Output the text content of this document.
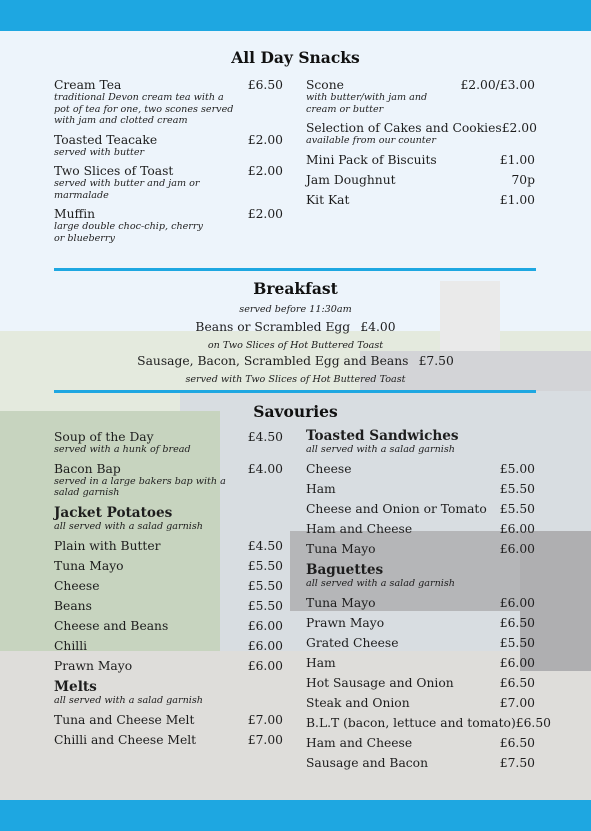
All Day Snacks
Cream Tea	£6.50
traditional Devon cream tea with a pot of tea for one, two scones served with jam and clotted cream
Toasted Teacake	£2.00
served with butter
Two Slices of Toast	£2.00
served with butter and jam or marmalade
Muffin	£2.00
large double choc-chip, cherry or blueberry
Scone	£2.00/£3.00
with butter/with jam and cream or butter
Selection of Cakes and Cookies £2.00
available from our counter
Mini Pack of Biscuits	£1.00
Jam Doughnut	70p
Kit Kat	£1.00
Breakfast
served before 11:30am
Beans or Scrambled Egg £4.00
on Two Slices of Hot Buttered Toast
Sausage, Bacon, Scrambled Egg and Beans £7.50
served with Two Slices of Hot Buttered Toast
Savouries
Soup of the Day	£4.50
served with a hunk of bread
Bacon Bap	£4.00
served in a large bakers bap with a salad garnish
Jacket Potatoes
all served with a salad garnish
Plain with Butter	£4.50
Tuna Mayo	£5.50
Cheese	£5.50
Beans	£5.50
Cheese and Beans	£6.00
Chilli	£6.00
Prawn Mayo	£6.00
Melts
all served with a salad garnish
Tuna and Cheese Melt	£7.00
Chilli and Cheese Melt	£7.00
Toasted Sandwiches
all served with a salad garnish
Cheese	£5.00
Ham	£5.50
Cheese and Onion or Tomato £5.50
Ham and Cheese	£6.00
Tuna Mayo	£6.00
Baguettes
all served with a salad garnish
Tuna Mayo	£6.00
Prawn Mayo	£6.50
Grated Cheese	£5.50
Ham	£6.00
Hot Sausage and Onion	£6.50
Steak and Onion	£7.00
B.L.T (bacon, lettuce and tomato) £6.50
Ham and Cheese	£6.50
Sausage and Bacon	£7.50
